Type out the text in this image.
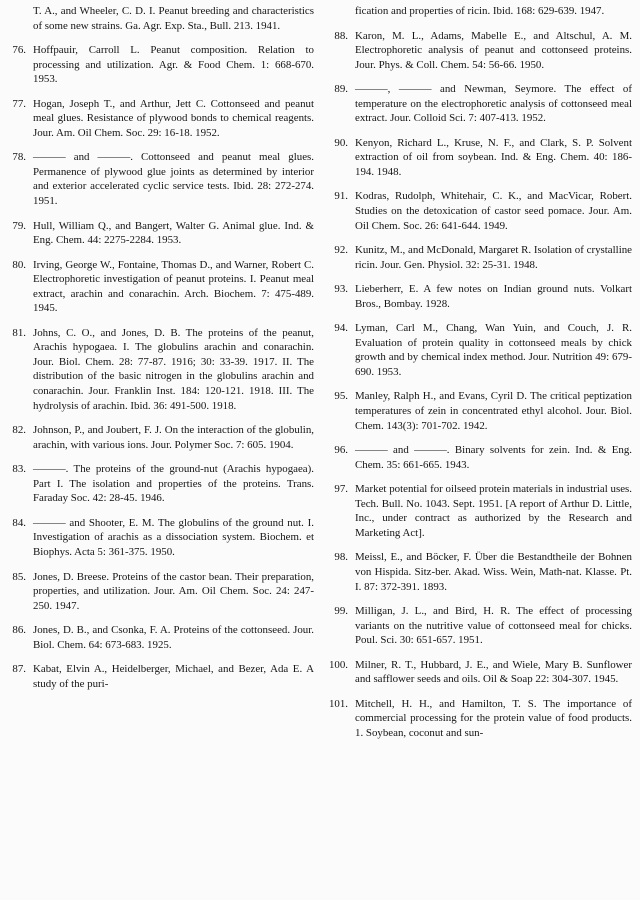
T. A., and Wheeler, C. D. I. Peanut breeding and characteristics of some new strains. Ga. Agr. Exp. Sta., Bull. 213. 1941.
76. Hoffpauir, Carroll L. Peanut composition. Relation to processing and utilization. Agr. & Food Chem. 1: 668-670. 1953.
77. Hogan, Joseph T., and Arthur, Jett C. Cottonseed and peanut meal glues. Resistance of plywood bonds to chemical reagents. Jour. Am. Oil Chem. Soc. 29: 16-18. 1952.
78. ——— and ———. Cottonseed and peanut meal glues. Permanence of plywood glue joints as determined by interior and exterior accelerated cyclic service tests. Ibid. 28: 272-274. 1951.
79. Hull, William Q., and Bangert, Walter G. Animal glue. Ind. & Eng. Chem. 44: 2275-2284. 1953.
80. Irving, George W., Fontaine, Thomas D., and Warner, Robert C. Electrophoretic investigation of peanut proteins. I. Peanut meal extract, arachin and conarachin. Arch. Biochem. 7: 475-489. 1945.
81. Johns, C. O., and Jones, D. B. The proteins of the peanut, Arachis hypogaea. I. The globulins arachin and conarachin. Jour. Biol. Chem. 28: 77-87. 1916; 30: 33-39. 1917. II. The distribution of the basic nitrogen in the globulins arachin and conarachin. Jour. Franklin Inst. 184: 120-121. 1918. III. The hydrolysis of arachin. Ibid. 36: 491-500. 1918.
82. Johnson, P., and Joubert, F. J. On the interaction of the globulin, arachin, with various ions. Jour. Polymer Soc. 7: 605. 1904.
83. ———. The proteins of the ground-nut (Arachis hypogaea). Part I. The isolation and properties of the proteins. Trans. Faraday Soc. 42: 28-45. 1946.
84. ——— and Shooter, E. M. The globulins of the ground nut. I. Investigation of arachis as a dissociation system. Biochem. et Biophys. Acta 5: 361-375. 1950.
85. Jones, D. Breese. Proteins of the castor bean. Their preparation, properties, and utilization. Jour. Am. Oil Chem. Soc. 24: 247-250. 1947.
86. Jones, D. B., and Csonka, F. A. Proteins of the cottonseed. Jour. Biol. Chem. 64: 673-683. 1925.
87. Kabat, Elvin A., Heidelberger, Michael, and Bezer, Ada E. A study of the puri-
fication and properties of ricin. Ibid. 168: 629-639. 1947.
88. Karon, M. L., Adams, Mabelle E., and Altschul, A. M. Electrophoretic analysis of peanut and cottonseed proteins. Jour. Phys. & Coll. Chem. 54: 56-66. 1950.
89. ———, ——— and Newman, Seymore. The effect of temperature on the electrophoretic analysis of cottonseed meal extract. Jour. Colloid Sci. 7: 407-413. 1952.
90. Kenyon, Richard L., Kruse, N. F., and Clark, S. P. Solvent extraction of oil from soybean. Ind. & Eng. Chem. 40: 186-194. 1948.
91. Kodras, Rudolph, Whitehair, C. K., and MacVicar, Robert. Studies on the detoxication of castor seed pomace. Jour. Am. Oil Chem. Soc. 26: 641-644. 1949.
92. Kunitz, M., and McDonald, Margaret R. Isolation of crystalline ricin. Jour. Gen. Physiol. 32: 25-31. 1948.
93. Lieberherr, E. A few notes on Indian ground nuts. Volkart Bros., Bombay. 1928.
94. Lyman, Carl M., Chang, Wan Yuin, and Couch, J. R. Evaluation of protein quality in cottonseed meals by chick growth and by chemical index method. Jour. Nutrition 49: 679-690. 1953.
95. Manley, Ralph H., and Evans, Cyril D. The critical peptization temperatures of zein in concentrated ethyl alcohol. Jour. Biol. Chem. 143(3): 701-702. 1942.
96. ——— and ———. Binary solvents for zein. Ind. & Eng. Chem. 35: 661-665. 1943.
97. Market potential for oilseed protein materials in industrial uses. Tech. Bull. No. 1043. Sept. 1951. [A report of Arthur D. Little, Inc., under contract as authorized by the Research and Marketing Act].
98. Meissl, E., and Böcker, F. Über die Bestandtheile der Bohnen von Hispida. Sitz-ber. Akad. Wiss. Wein, Math-nat. Klasse. Pt. I. 87: 372-391. 1893.
99. Milligan, J. L., and Bird, H. R. The effect of processing variants on the nutritive value of cottonseed meal for chicks. Poul. Sci. 30: 651-657. 1951.
100. Milner, R. T., Hubbard, J. E., and Wiele, Mary B. Sunflower and safflower seeds and oils. Oil & Soap 22: 304-307. 1945.
101. Mitchell, H. H., and Hamilton, T. S. The importance of commercial processing for the protein value of food products. 1. Soybean, coconut and sun-
